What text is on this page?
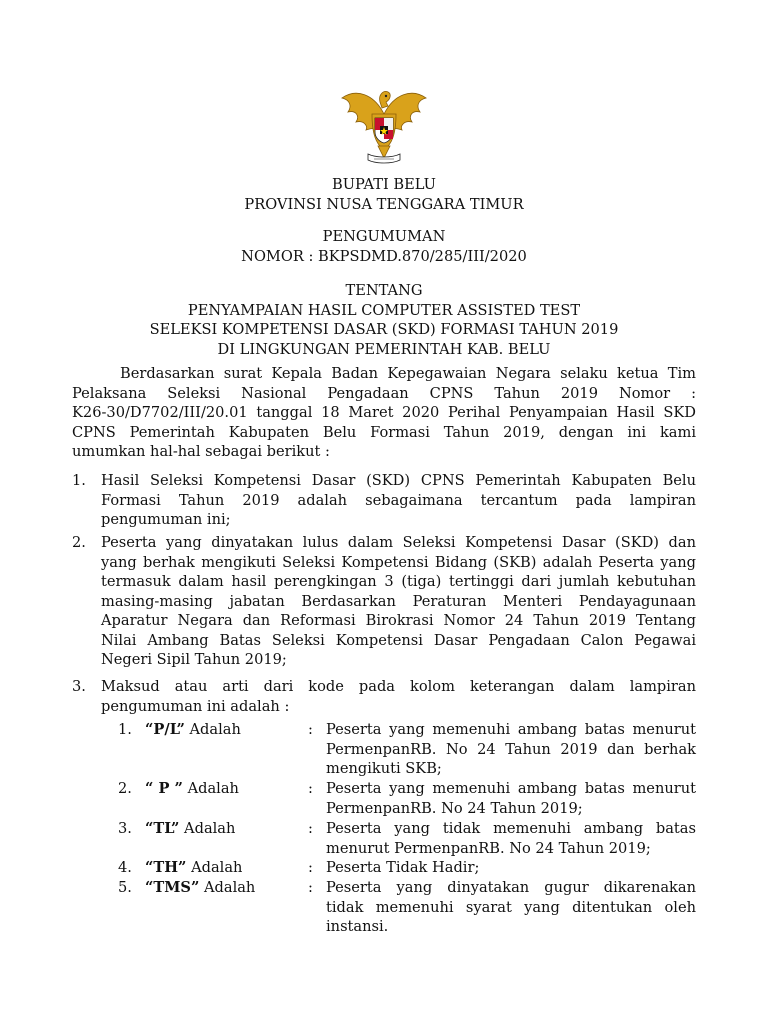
BUPATI BELU
PROVINSI NUSA TENGGARA TIMUR
PENGUMUMAN
NOMOR : BKPSDMD.870/285/III/2020
TENTANG
PENYAMPAIAN HASIL COMPUTER ASSISTED TEST
SELEKSI KOMPETENSI DASAR (SKD) FORMASI TAHUN 2019
DI LINGKUNGAN PEMERINTAH KAB. BELU
Berdasarkan surat Kepala Badan Kepegawaian Negara selaku ketua Tim
Pelaksana Seleksi Nasional Pengadaan CPNS Tahun 2019 Nomor :
K26-30/D7702/III/20.01 tanggal 18 Maret 2020 Perihal Penyampaian Hasil SKD
CPNS Pemerintah Kabupaten Belu Formasi Tahun 2019, dengan ini kami
umumkan hal-hal sebagai berikut :
1. Hasil Seleksi Kompetensi Dasar (SKD) CPNS Pemerintah Kabupaten Belu
Formasi Tahun 2019 adalah sebagaimana tercantum pada lampiran
pengumuman ini;
2. Peserta yang dinyatakan lulus dalam Seleksi Kompetensi Dasar (SKD) dan
yang berhak mengikuti Seleksi Kompetensi Bidang (SKB) adalah Peserta yang
termasuk dalam hasil perengkingan 3 (tiga) tertinggi dari jumlah kebutuhan
masing-masing jabatan Berdasarkan Peraturan Menteri Pendayagunaan
Aparatur Negara dan Reformasi Birokrasi Nomor 24 Tahun 2019 Tentang
Nilai Ambang Batas Seleksi Kompetensi Dasar Pengadaan Calon Pegawai
Negeri Sipil Tahun 2019;
3. Maksud atau arti dari kode pada kolom keterangan dalam lampiran
pengumuman ini adalah :
1. “P/L” Adalah	: Peserta yang memenuhi ambang batas menurut
PermenpanRB. No 24 Tahun 2019 dan berhak
mengikuti SKB;
2. “ P ” Adalah	: Peserta yang memenuhi ambang batas menurut
PermenpanRB. No 24 Tahun 2019;
3. “TL” Adalah	: Peserta yang tidak memenuhi ambang batas
menurut PermenpanRB. No 24 Tahun 2019;
4. “TH” Adalah	: Peserta Tidak Hadir;
5. “TMS” Adalah	: Peserta yang dinyatakan gugur dikarenakan
tidak memenuhi syarat yang ditentukan oleh
instansi.
